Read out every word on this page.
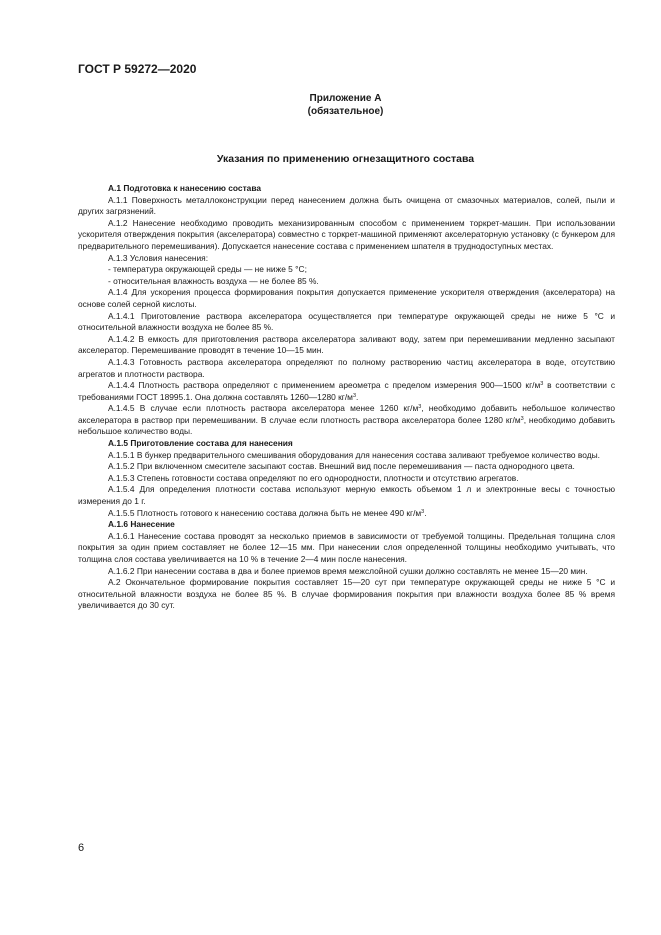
ГОСТ Р 59272—2020
Приложение А
(обязательное)
Указания по применению огнезащитного состава

А.1 Подготовка к нанесению состава

А.1.1 Поверхность металлоконструкции перед нанесением должна быть очищена от смазочных материалов, солей, пыли и других загрязнений.

А.1.2 Нанесение необходимо проводить механизированным способом с применением торкрет-машин. При использовании ускорителя отверждения покрытия (акселератора) совместно с торкрет-машиной применяют акселераторную установку (с бункером для предварительного перемешивания). Допускается нанесение состава с применением шпателя в труднодоступных местах.

А.1.3 Условия нанесения:

- температура окружающей среды — не ниже 5 °С;

- относительная влажность воздуха — не более 85 %.

А.1.4 Для ускорения процесса формирования покрытия допускается применение ускорителя отверждения (акселератора) на основе солей серной кислоты.

А.1.4.1 Приготовление раствора акселератора осуществляется при температуре окружающей среды не ниже 5 °С и относительной влажности воздуха не более 85 %.

А.1.4.2 В емкость для приготовления раствора акселератора заливают воду, затем при перемешивании медленно засыпают акселератор. Перемешивание проводят в течение 10—15 мин.

А.1.4.3 Готовность раствора акселератора определяют по полному растворению частиц акселератора в воде, отсутствию агрегатов и плотности раствора.

А.1.4.4 Плотность раствора определяют с применением ареометра с пределом измерения 900—1500 $кг/м^3$ в соответствии с требованиями ГОСТ 18995.1. Она должна составлять 1260—1280 $кг/м^3$.

А.1.4.5 В случае если плотность раствора акселератора менее 1260 $кг/м^3$, необходимо добавить небольшое количество акселератора в раствор при перемешивании. В случае если плотность раствора акселератора более 1280 $кг/м^3$, необходимо добавить небольшое количество воды.

А.1.5 Приготовление состава для нанесения

А.1.5.1 В бункер предварительного смешивания оборудования для нанесения состава заливают требуемое количество воды.

А.1.5.2 При включенном смесителе засыпают состав. Внешний вид после перемешивания — паста однородного цвета.

А.1.5.3 Степень готовности состава определяют по его однородности, плотности и отсутствию агрегатов.

А.1.5.4 Для определения плотности состава используют мерную емкость объемом 1 л и электронные весы с точностью измерения до 1 г.

А.1.5.5 Плотность готового к нанесению состава должна быть не менее 490 $кг/м^3$.

А.1.6 Нанесение

А.1.6.1 Нанесение состава проводят за несколько приемов в зависимости от требуемой толщины. Предельная толщина слоя покрытия за один прием составляет не более 12—15 мм. При нанесении слоя определенной толщины необходимо учитывать, что толщина слоя состава увеличивается на 10 % в течение 2—4 мин после нанесения.

А.1.6.2 При нанесении состава в два и более приемов время межслойной сушки должно составлять не менее 15—20 мин.

А.2 Окончательное формирование покрытия составляет 15—20 сут при температуре окружающей среды не ниже 5 °С и относительной влажности воздуха не более 85 %. В случае формирования покрытия при влажности воздуха более 85 % время увеличивается до 30 сут.

6
